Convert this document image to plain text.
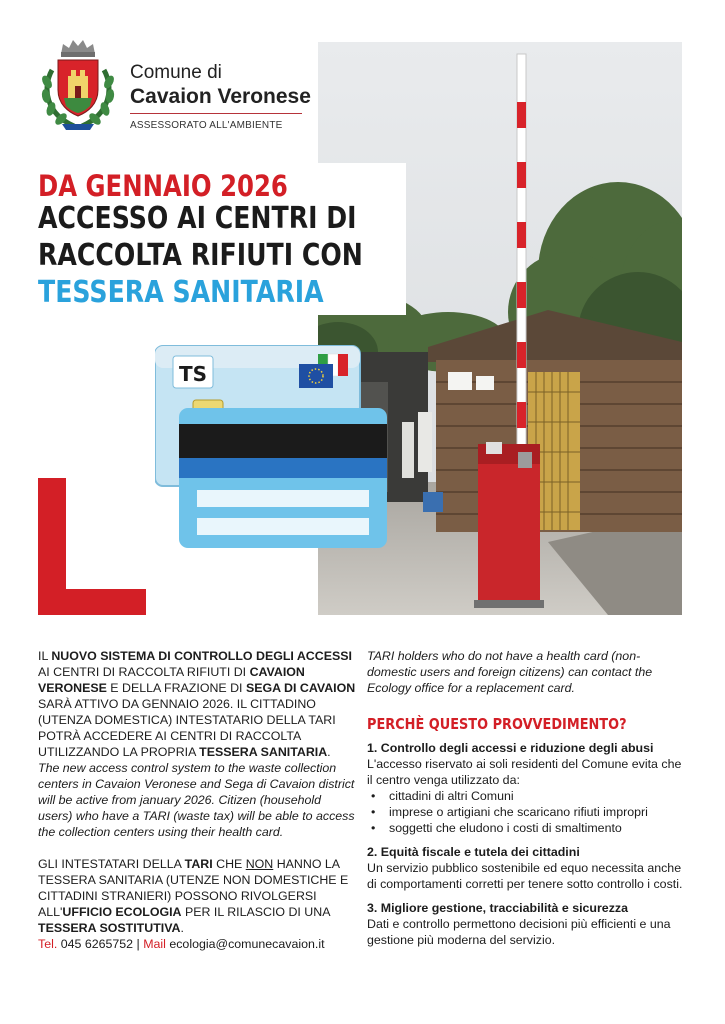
Comune di
Cavaion Veronese
ASSESSORATO ALL'AMBIENTE
DA GENNAIO 2026
ACCESSO AI CENTRI DI
RACCOLTA RIFIUTI CON
TESSERA SANITARIA
TS

IL NUOVO SISTEMA DI CONTROLLO DEGLI ACCESSI AI CENTRI DI RACCOLTA RIFIUTI DI CAVAION VERONESE E DELLA FRAZIONE DI SEGA DI CAVAION SARÀ ATTIVO DA GENNAIO 2026. IL CITTADINO (UTENZA DOMESTICA) INTESTATARIO DELLA TARI POTRÀ ACCEDERE AI CENTRI DI RACCOLTA UTILIZZANDO LA PROPRIA TESSERA SANITARIA.

The new access control system to the waste collection centers in Cavaion Veronese and Sega di Cavaion district will be active from january 2026. Citizen (household users) who have a TARI (waste tax) will be able to access the collection centers using their health card.

GLI INTESTATARI DELLA TARI CHE NON HANNO LA TESSERA SANITARIA (UTENZE NON DOMESTICHE E CITTADINI STRANIERI) POSSONO RIVOLGERSI ALL'UFFICIO ECOLOGIA PER IL RILASCIO DI UNA TESSERA SOSTITUTIVA.

Tel. 045 6265752 | Mail ecologia@comunecavaion.it

TARI holders who do not have a health card (non-domestic users and foreign citizens) can contact the Ecology office for a replacement card.

PERCHÈ QUESTO PROVVEDIMENTO?

1. Controllo degli accessi e riduzione degli abusi

L'accesso riservato ai soli residenti del Comune evita che il centro venga utilizzato da:

• cittadini di altri Comuni
• imprese o artigiani che scaricano rifiuti impropri
• soggetti che eludono i costi di smaltimento

2. Equità fiscale e tutela dei cittadini

Un servizio pubblico sostenibile ed equo necessita anche di comportamenti corretti per tenere sotto controllo i costi.

3. Migliore gestione, tracciabilità e sicurezza

Dati e controllo permettono decisioni più efficienti e una gestione più moderna del servizio.
